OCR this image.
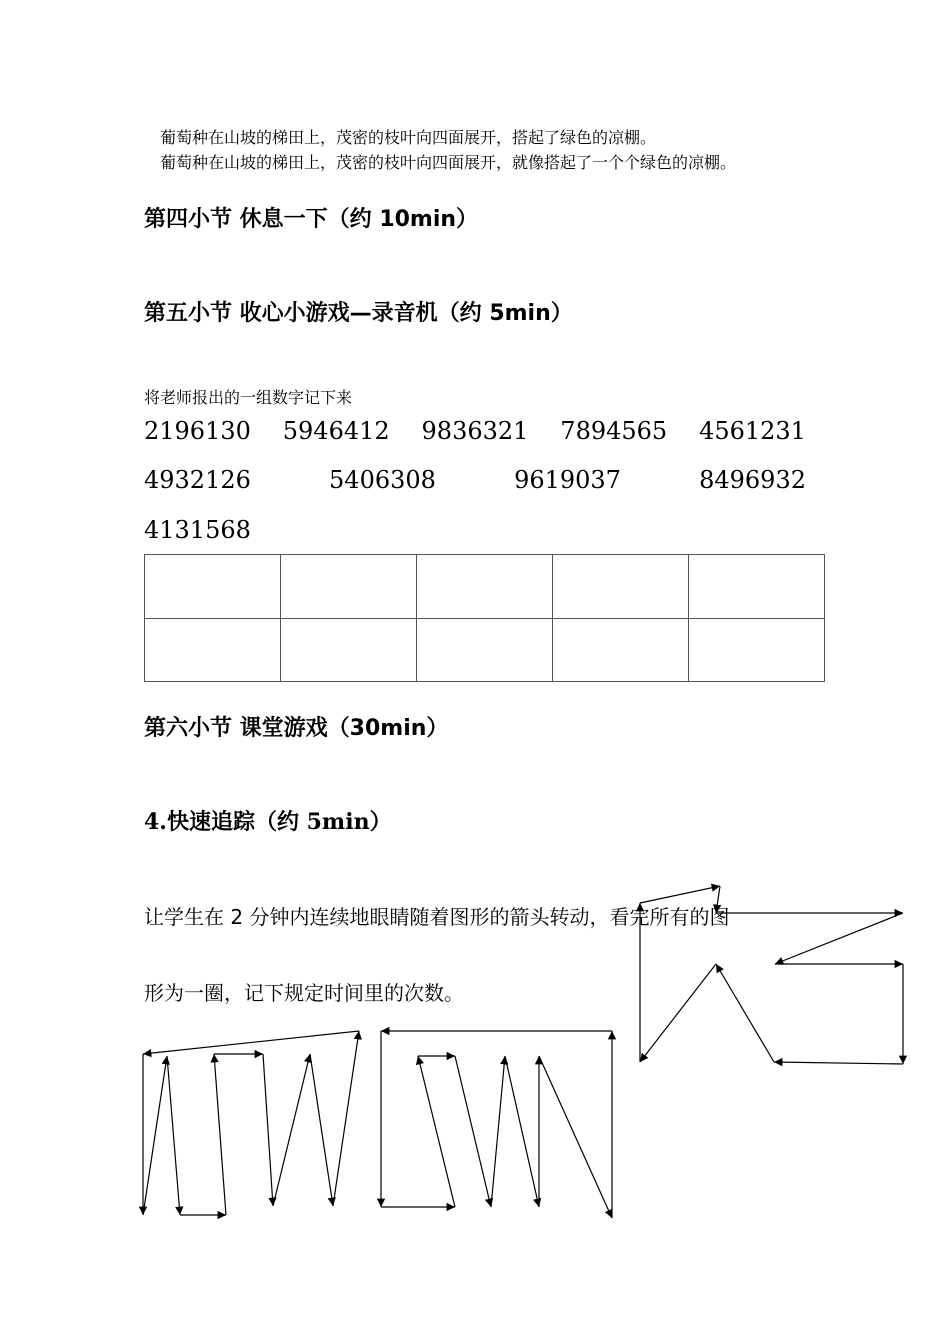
葡萄种在山坡的梯田上，茂密的枝叶向四面展开，搭起了绿色的凉棚。
葡萄种在山坡的梯田上，茂密的枝叶向四面展开，就像搭起了一个个绿色的凉棚。
第四小节 休息一下（约 10min）
第五小节 收心小游戏—录音机（约 5min）
将老师报出的一组数字记下来
2196130 5946412 9836321 7894565 4561231
4932126	5406308	9619037	8496932
4131568

第六小节 课堂游戏（30min）
4.快速追踪（约 5min）
让学生在 2 分钟内连续地眼睛随着图形的箭头转动，看完所有的图
形为一圈，记下规定时间里的次数。
